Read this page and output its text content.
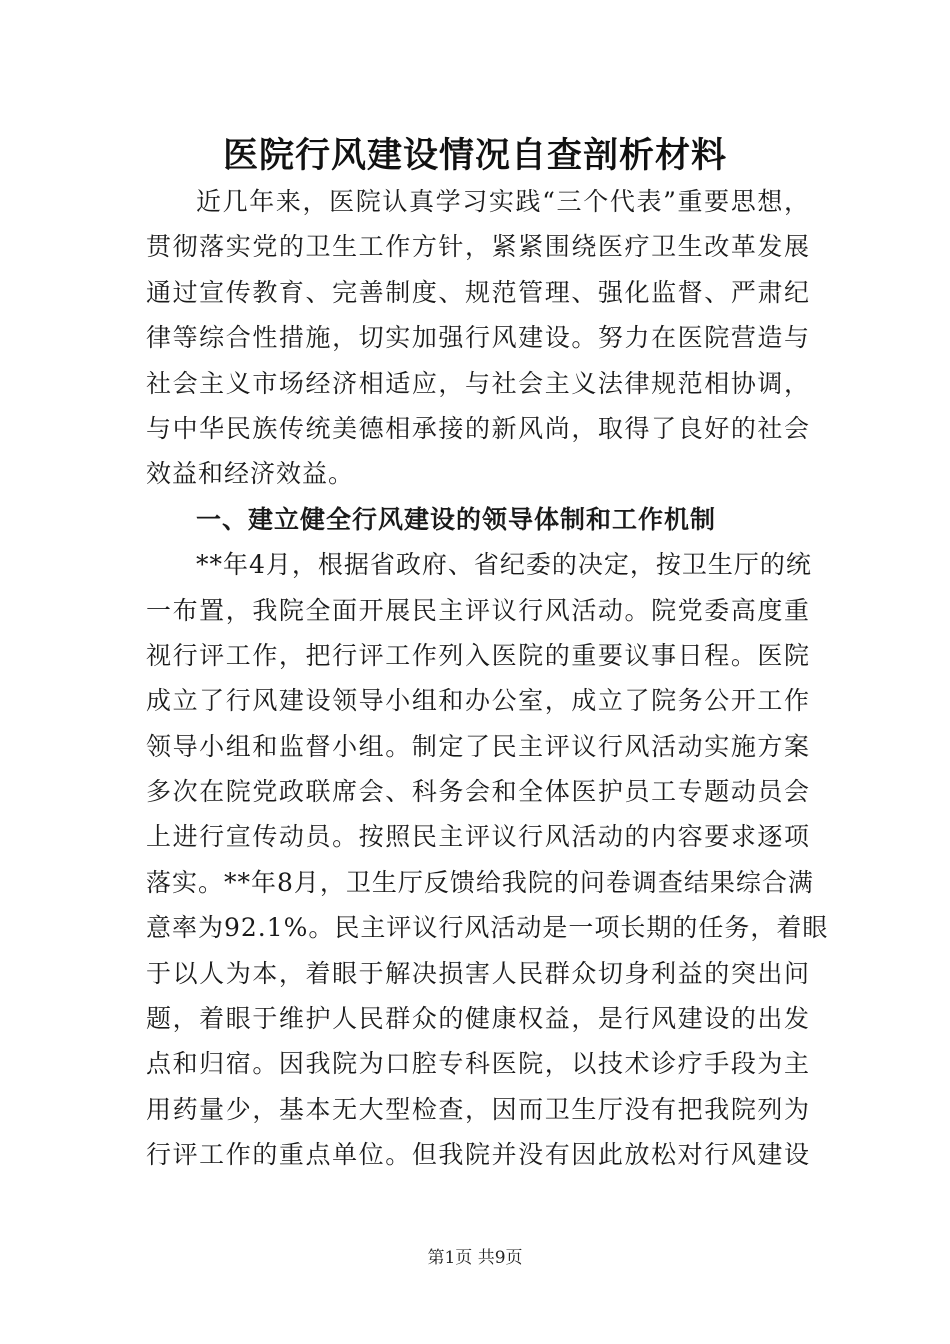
医院行风建设情况自查剖析材料
近几年来，医院认真学习实践“三个代表”重要思想，
贯彻落实党的卫生工作方针，紧紧围绕医疗卫生改革发展
通过宣传教育、完善制度、规范管理、强化监督、严肃纪
律等综合性措施，切实加强行风建设。努力在医院营造与
社会主义市场经济相适应，与社会主义法律规范相协调，
与中华民族传统美德相承接的新风尚，取得了良好的社会
效益和经济效益。
一、建立健全行风建设的领导体制和工作机制
**年4月，根据省政府、省纪委的决定，按卫生厅的统
一布置，我院全面开展民主评议行风活动。院党委高度重
视行评工作，把行评工作列入医院的重要议事日程。医院
成立了行风建设领导小组和办公室，成立了院务公开工作
领导小组和监督小组。制定了民主评议行风活动实施方案
多次在院党政联席会、科务会和全体医护员工专题动员会
上进行宣传动员。按照民主评议行风活动的内容要求逐项
落实。**年8月，卫生厅反馈给我院的问卷调查结果综合满
意率为92.1%。民主评议行风活动是一项长期的任务，着眼
于以人为本，着眼于解决损害人民群众切身利益的突出问
题，着眼于维护人民群众的健康权益，是行风建设的出发
点和归宿。因我院为口腔专科医院，以技术诊疗手段为主
用药量少，基本无大型检查，因而卫生厅没有把我院列为
行评工作的重点单位。但我院并没有因此放松对行风建设
第1页 共9页
